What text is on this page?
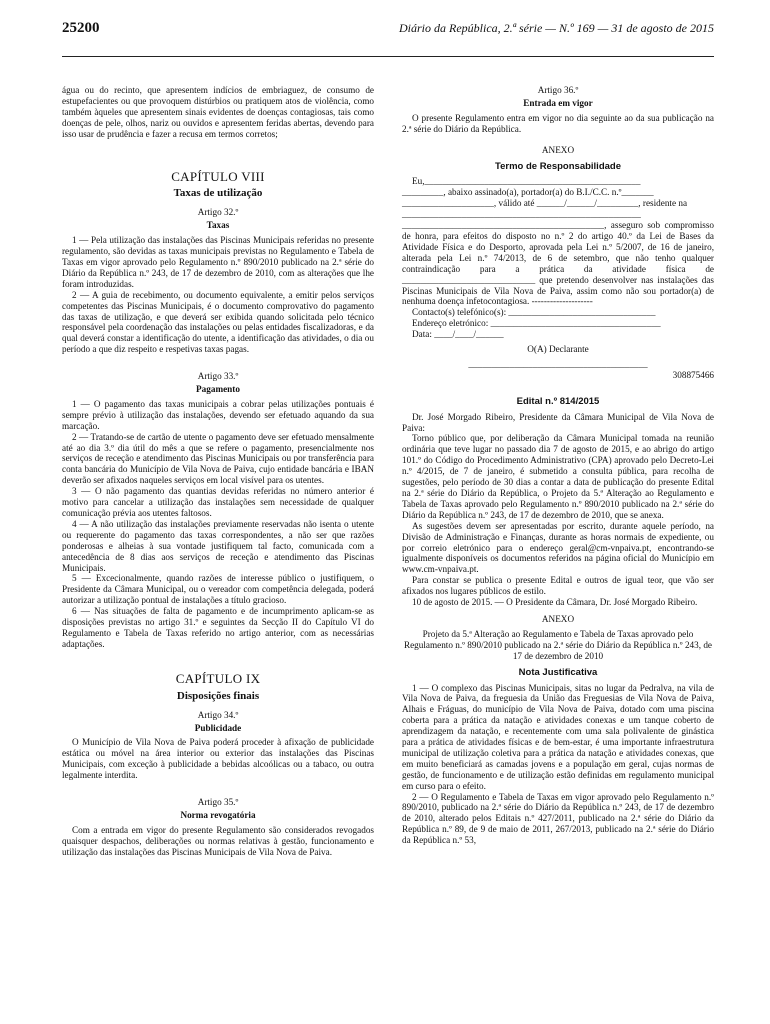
25200	Diário da República, 2.ª série — N.º 169 — 31 de agosto de 2015

água ou do recinto, que apresentem indícios de embriaguez, de consumo de estupefacientes ou que provoquem distúrbios ou pratiquem atos de violência, como também àqueles que apresentem sinais evidentes de doenças contagiosas, tais como doenças de pele, olhos, nariz ou ouvidos e apresentem feridas abertas, devendo para isso usar de prudência e fazer a recusa em termos corretos;

CAPÍTULO VIII
Taxas de utilização
Artigo 32.º
Taxas

1 — Pela utilização das instalações das Piscinas Municipais referidas no presente regulamento, são devidas as taxas municipais previstas no Regulamento e Tabela de Taxas em vigor aprovado pelo Regulamento n.º 890/2010 publicado na 2.ª série do Diário da República n.º 243, de 17 de dezembro de 2010, com as alterações que lhe foram introduzidas.

2 — A guia de recebimento, ou documento equivalente, a emitir pelos serviços competentes das Piscinas Municipais, é o documento comprovativo do pagamento das taxas de utilização, e que deverá ser exibida quando solicitada pelo técnico responsável pela coordenação das instalações ou pelas entidades fiscalizadoras, e da qual deverá constar a identificação do utente, a identificação das atividades, o dia ou período a que diz respeito e respetivas taxas pagas.

Artigo 33.º
Pagamento

1 — O pagamento das taxas municipais a cobrar pelas utilizações pontuais é sempre prévio à utilização das instalações, devendo ser efetuado aquando da sua marcação.

2 — Tratando-se de cartão de utente o pagamento deve ser efetuado mensalmente até ao dia 3.º dia útil do mês a que se refere o pagamento, presencialmente nos serviços de receção e atendimento das Piscinas Municipais ou por transferência para conta bancária do Município de Vila Nova de Paiva, cujo entidade bancária e IBAN deverão ser afixados naqueles serviços em local visível para os utentes.

3 — O não pagamento das quantias devidas referidas no número anterior é motivo para cancelar a utilização das instalações sem necessidade de qualquer comunicação prévia aos utentes faltosos.

4 — A não utilização das instalações previamente reservadas não isenta o utente ou requerente do pagamento das taxas correspondentes, a não ser que razões ponderosas e alheias à sua vontade justifiquem tal facto, comunicada com a antecedência de 8 dias aos serviços de receção e atendimento das Piscinas Municipais.

5 — Excecionalmente, quando razões de interesse público o justifiquem, o Presidente da Câmara Municipal, ou o vereador com competência delegada, poderá autorizar a utilização pontual de instalações a título gracioso.

6 — Nas situações de falta de pagamento e de incumprimento aplicam-se as disposições previstas no artigo 31.º e seguintes da Secção II do Capítulo VI do Regulamento e Tabela de Taxas referido no artigo anterior, com as necessárias adaptações.

CAPÍTULO IX
Disposições finais
Artigo 34.º
Publicidade

O Município de Vila Nova de Paiva poderá proceder à afixação de publicidade estática ou móvel na área interior ou exterior das instalações das Piscinas Municipais, com exceção à publicidade a bebidas alcoólicas ou a tabaco, ou outra legalmente interdita.

Artigo 35.º
Norma revogatória

Com a entrada em vigor do presente Regulamento são considerados revogados quaisquer despachos, deliberações ou normas relativas à gestão, funcionamento e utilização das instalações das Piscinas Municipais de Vila Nova de Paiva.

Artigo 36.º
Entrada em vigor

O presente Regulamento entra em vigor no dia seguinte ao da sua publicação na 2.ª série do Diário da República.

ANEXO
Termo de Responsabilidade

Eu,_______________________________________________

_________, abaixo assinado(a), portador(a) do B.I./C.C. n.º_______

____________________, válido até ______/______/_________, residente na

____________________________________________________

____________________________________________, asseguro sob compromisso de honra, para efeitos do disposto no n.º 2 do artigo 40.º da Lei de Bases da Atividade Física e do Desporto, aprovada pela Lei n.º 5/2007, de 16 de janeiro, alterada pela Lei n.º 74/2013, de 6 de setembro, que não tenho qualquer contraindicação para a prática da atividade física de _____________________________ que pretendo desenvolver nas instalações das Piscinas Municipais de Vila Nova de Paiva, assim como não sou portador(a) de nenhuma doença infetocontagiosa. --------------------

Contacto(s) telefónico(s): ________________________________

Endereço eletrónico: _____________________________________

Data: ____/____/______

O(A) Declarante
_______________________________________
308875466
Edital n.º 814/2015

Dr. José Morgado Ribeiro, Presidente da Câmara Municipal de Vila Nova de Paiva:

Torno público que, por deliberação da Câmara Municipal tomada na reunião ordinária que teve lugar no passado dia 7 de agosto de 2015, e ao abrigo do artigo 101.º do Código do Procedimento Administrativo (CPA) aprovado pelo Decreto-Lei n.º 4/2015, de 7 de janeiro, é submetido a consulta pública, para recolha de sugestões, pelo período de 30 dias a contar a data de publicação do presente Edital na 2.ª série do Diário da República, o Projeto da 5.ª Alteração ao Regulamento e Tabela de Taxas aprovado pelo Regulamento n.º 890/2010 publicado na 2.ª série do Diário da República n.º 243, de 17 de dezembro de 2010, que se anexa.

As sugestões devem ser apresentadas por escrito, durante aquele período, na Divisão de Administração e Finanças, durante as horas normais de expediente, ou por correio eletrónico para o endereço geral@cm-vnpaiva.pt, encontrando-se igualmente disponíveis os documentos referidos na página oficial do Município em www.cm-vnpaiva.pt.

Para constar se publica o presente Edital e outros de igual teor, que vão ser afixados nos lugares públicos de estilo.

10 de agosto de 2015. — O Presidente da Câmara, Dr. José Morgado Ribeiro.

ANEXO

Projeto da 5.ª Alteração ao Regulamento e Tabela de Taxas aprovado pelo Regulamento n.º 890/2010 publicado na 2.ª série do Diário da República n.º 243, de 17 de dezembro de 2010

Nota Justificativa

1 — O complexo das Piscinas Municipais, sitas no lugar da Pedralva, na vila de Vila Nova de Paiva, da freguesia da União das Freguesias de Vila Nova de Paiva, Alhais e Fráguas, do município de Vila Nova de Paiva, dotado com uma piscina coberta para a prática da natação e atividades conexas e um tanque coberto de aprendizagem da natação, e recentemente com uma sala polivalente de ginástica para a prática de atividades físicas e de bem-estar, é uma importante infraestrutura municipal de utilização coletiva para a prática da natação e atividades conexas, que em muito beneficiará as camadas jovens e a população em geral, cujas normas de gestão, de funcionamento e de utilização estão definidas em regulamento municipal em curso para o efeito.

2 — O Regulamento e Tabela de Taxas em vigor aprovado pelo Regulamento n.º 890/2010, publicado na 2.ª série do Diário da República n.º 243, de 17 de dezembro de 2010, alterado pelos Editais n.º 427/2011, publicado na 2.ª série do Diário da República n.º 89, de 9 de maio de 2011, 267/2013, publicado na 2.ª série do Diário da República n.º 53,
